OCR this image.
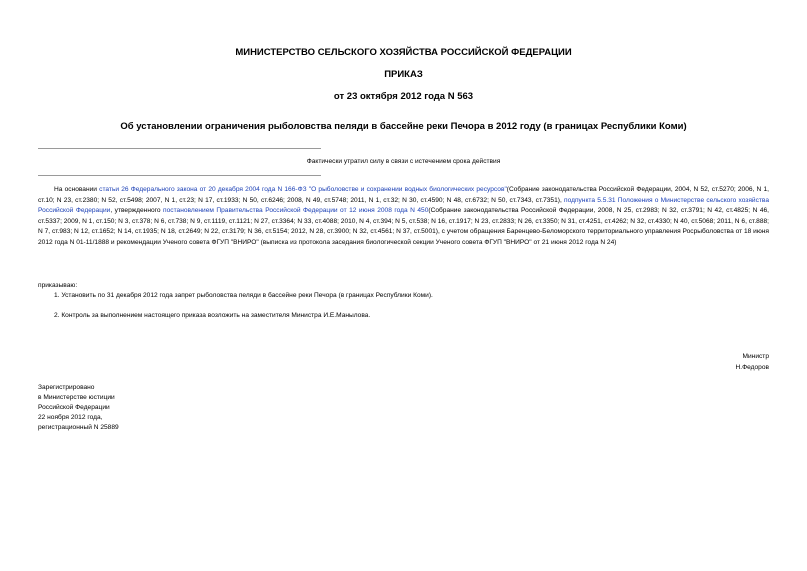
МИНИСТЕРСТВО СЕЛЬСКОГО ХОЗЯЙСТВА РОССИЙСКОЙ ФЕДЕРАЦИИ
ПРИКАЗ
от 23 октября 2012 года N 563
Об установлении ограничения рыболовства пеляди в бассейне реки Печора в 2012 году (в границах Республики Коми)
Фактически утратил силу в связи с истечением срока действия
На основании статьи 26 Федерального закона от 20 декабря 2004 года N 166-ФЗ "О рыболовстве и сохранении водных биологических ресурсов"(Собрание законодательства Российской Федерации, 2004, N 52, ст.5270; 2006, N 1, ст.10; N 23, ст.2380; N 52, ст.5498; 2007, N 1, ст.23; N 17, ст.1933; N 50, ст.6246; 2008, N 49, ст.5748; 2011, N 1, ст.32; N 30, ст.4590; N 48, ст.6732; N 50, ст.7343, ст.7351), подпункта 5.5.31 Положения о Министерстве сельского хозяйства Российской Федерации, утвержденного постановлением Правительства Российской Федерации от 12 июня 2008 года N 450(Собрание законодательства Российской Федерации, 2008, N 25, ст.2983; N 32, ст.3791; N 42, ст.4825; N 46, ст.5337; 2009, N 1, ст.150; N 3, ст.378; N 6, ст.738; N 9, ст.1119, ст.1121; N 27, ст.3364; N 33, ст.4088; 2010, N 4, ст.394; N 5, ст.538; N 16, ст.1917; N 23, ст.2833; N 26, ст.3350; N 31, ст.4251, ст.4262; N 32, ст.4330; N 40, ст.5068; 2011, N 6, ст.888; N 7, ст.983; N 12, ст.1652; N 14, ст.1935; N 18, ст.2649; N 22, ст.3179; N 36, ст.5154; 2012, N 28, ст.3900; N 32, ст.4561; N 37, ст.5001), с учетом обращения Баренцево-Беломорского территориального управления Росрыболовства от 18 июня 2012 года N 01-11/1888 и рекомендации Ученого совета ФГУП "ВНИРО" (выписка из протокола заседания биологической секции Ученого совета ФГУП "ВНИРО" от 21 июня 2012 года N 24)
приказываю:
1. Установить по 31 декабря 2012 года запрет рыболовства пеляди в бассейне реки Печора (в границах Республики Коми).
2. Контроль за выполнением настоящего приказа возложить на заместителя Министра И.Е.Манылова.
Министр
Н.Федоров
Зарегистрировано
в Министерстве юстиции
Российской Федерации
22 ноября 2012 года,
регистрационный N 25889
